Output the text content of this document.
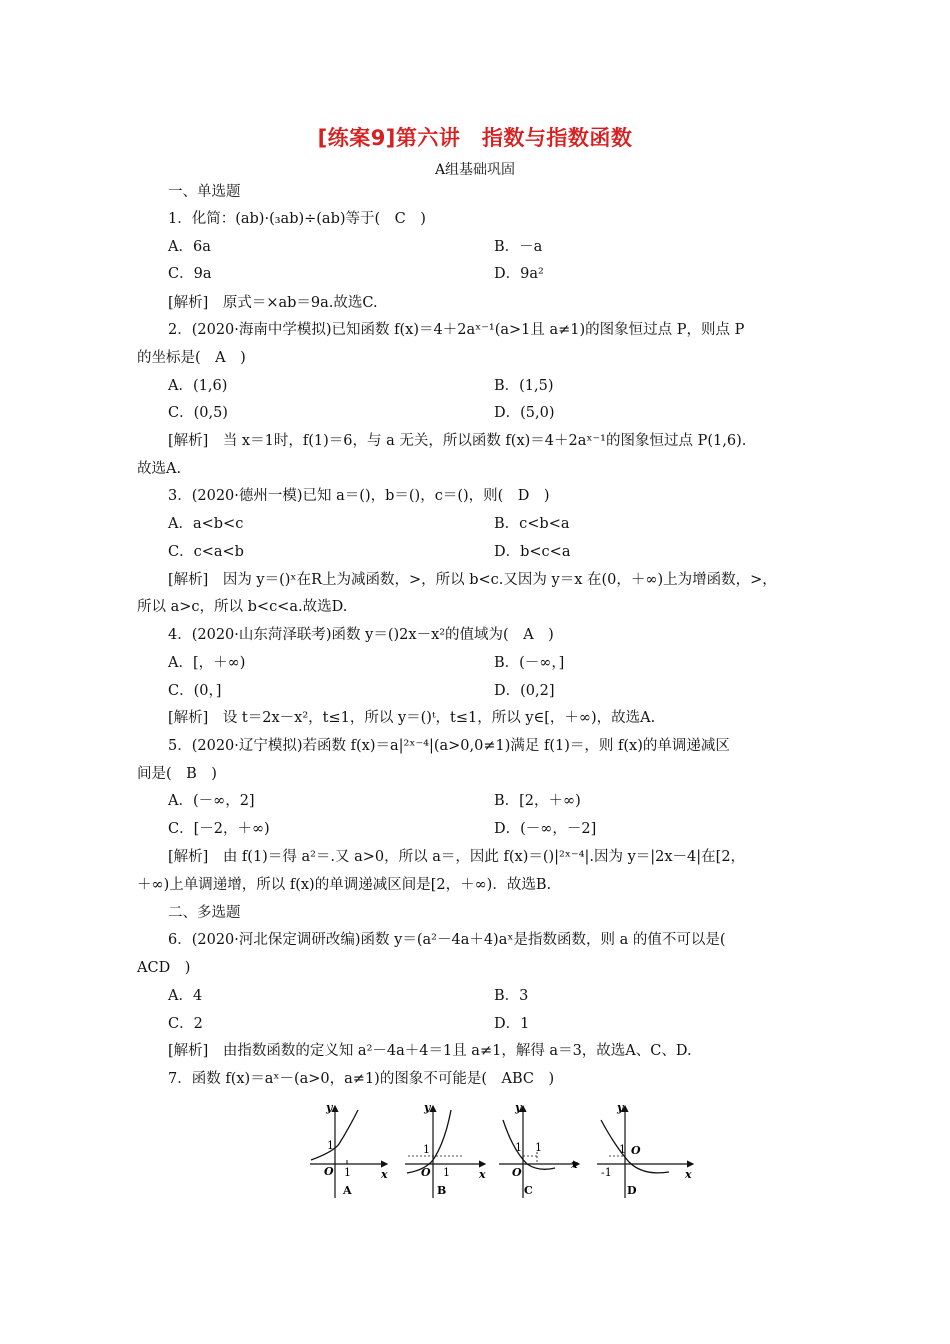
[练案9]第六讲　指数与指数函数
A组基础巩固
一、单选题
1．化简：(ab)·(₃ab)÷(ab)等于(　C　)
A．6a	B．－a
C．9a	D．9a²
[解析]　原式＝×ab＝9a.故选C.
2．(2020·海南中学模拟)已知函数 f(x)＝4＋2aˣ⁻¹(a>1且 a≠1)的图象恒过点 P，则点 P
的坐标是(　A　)
A．(1,6)	B．(1,5)
C．(0,5)	D．(5,0)
[解析]　当 x＝1时，f(1)＝6，与 a 无关，所以函数 f(x)＝4＋2aˣ⁻¹的图象恒过点 P(1,6).
故选A.
3．(2020·德州一模)已知 a＝()，b＝()，c＝()，则(　D　)
A．a<b<c	B．c<b<a
C．c<a<b	D．b<c<a
[解析]　因为 y＝()ˣ在R上为减函数，>，所以 b<c.又因为 y＝x 在(0，＋∞)上为增函数，>，
所以 a>c，所以 b<c<a.故选D.
4．(2020·山东菏泽联考)函数 y＝()2x－x²的值域为(　A　)
A．[，＋∞)	B．(－∞，]
C．(0，]	D．(0,2]
[解析]　设 t＝2x－x²，t≤1，所以 y＝()ᵗ，t≤1，所以 y∈[，＋∞)，故选A.
5．(2020·辽宁模拟)若函数 f(x)＝a|²ˣ⁻⁴|(a>0,0≠1)满足 f(1)＝，则 f(x)的单调递减区
间是(　B　)
A．(－∞，2]	B．[2，＋∞)
C．[－2，＋∞)	D．(－∞，－2]
[解析]　由 f(1)＝得 a²＝.又 a>0，所以 a＝，因此 f(x)＝()|²ˣ⁻⁴|.因为 y＝|2x－4|在[2，
＋∞)上单调递增，所以 f(x)的单调递减区间是[2，＋∞)．故选B.
二、多选题
6．(2020·河北保定调研改编)函数 y＝(a²－4a＋4)aˣ是指数函数，则 a 的值不可以是(
ACD　)
A．4	B．3
C．2	D．1
[解析]　由指数函数的定义知 a²－4a＋4＝1且 a≠1，解得 a＝3，故选A、C、D.
7．函数 f(x)＝aˣ－(a>0，a≠1)的图象不可能是(　ABC　)
y
x
O
1
1
A
y
x
O
1
1
B
y
x
O
1 1
C
y
x
O
1
-1
D
